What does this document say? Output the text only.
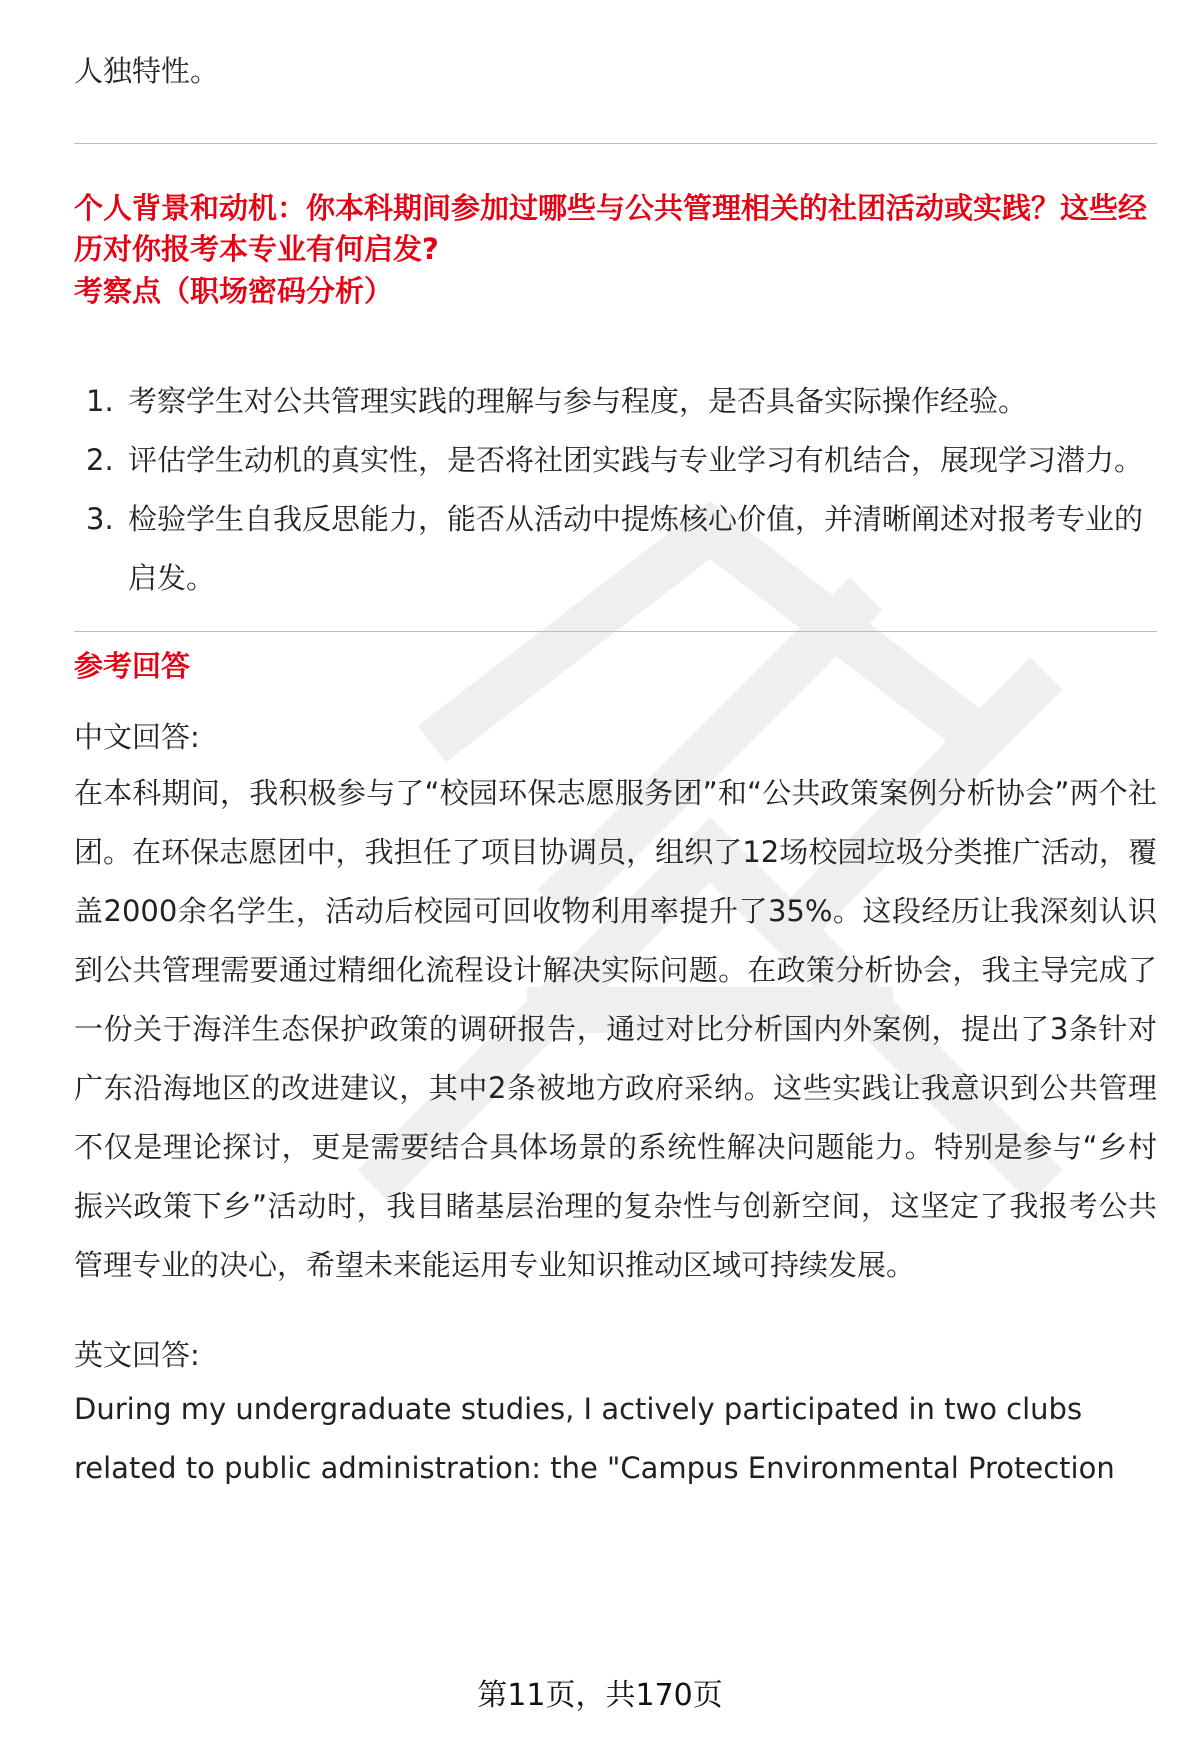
人独特性。
个人背景和动机：你本科期间参加过哪些与公共管理相关的社团活动或实践？这些经历对你报考本专业有何启发?
考察点（职场密码分析）
1. 考察学生对公共管理实践的理解与参与程度，是否具备实际操作经验。
2. 评估学生动机的真实性，是否将社团实践与专业学习有机结合，展现学习潜力。
3. 检验学生自我反思能力，能否从活动中提炼核心价值，并清晰阐述对报考专业的启发。
参考回答
中文回答:
在本科期间，我积极参与了“校园环保志愿服务团”和“公共政策案例分析协会”两个社团。在环保志愿团中，我担任了项目协调员，组织了12场校园垃圾分类推广活动，覆盖2000余名学生，活动后校园可回收物利用率提升了35%。这段经历让我深刻认识到公共管理需要通过精细化流程设计解决实际问题。在政策分析协会，我主导完成了一份关于海洋生态保护政策的调研报告，通过对比分析国内外案例，提出了3条针对广东沿海地区的改进建议，其中2条被地方政府采纳。这些实践让我意识到公共管理不仅是理论探讨，更是需要结合具体场景的系统性解决问题能力。特别是参与“乡村振兴政策下乡”活动时，我目睹基层治理的复杂性与创新空间，这坚定了我报考公共管理专业的决心，希望未来能运用专业知识推动区域可持续发展。
英文回答:
During my undergraduate studies, I actively participated in two clubs related to public administration: the "Campus Environmental Protection
第11页，共170页
